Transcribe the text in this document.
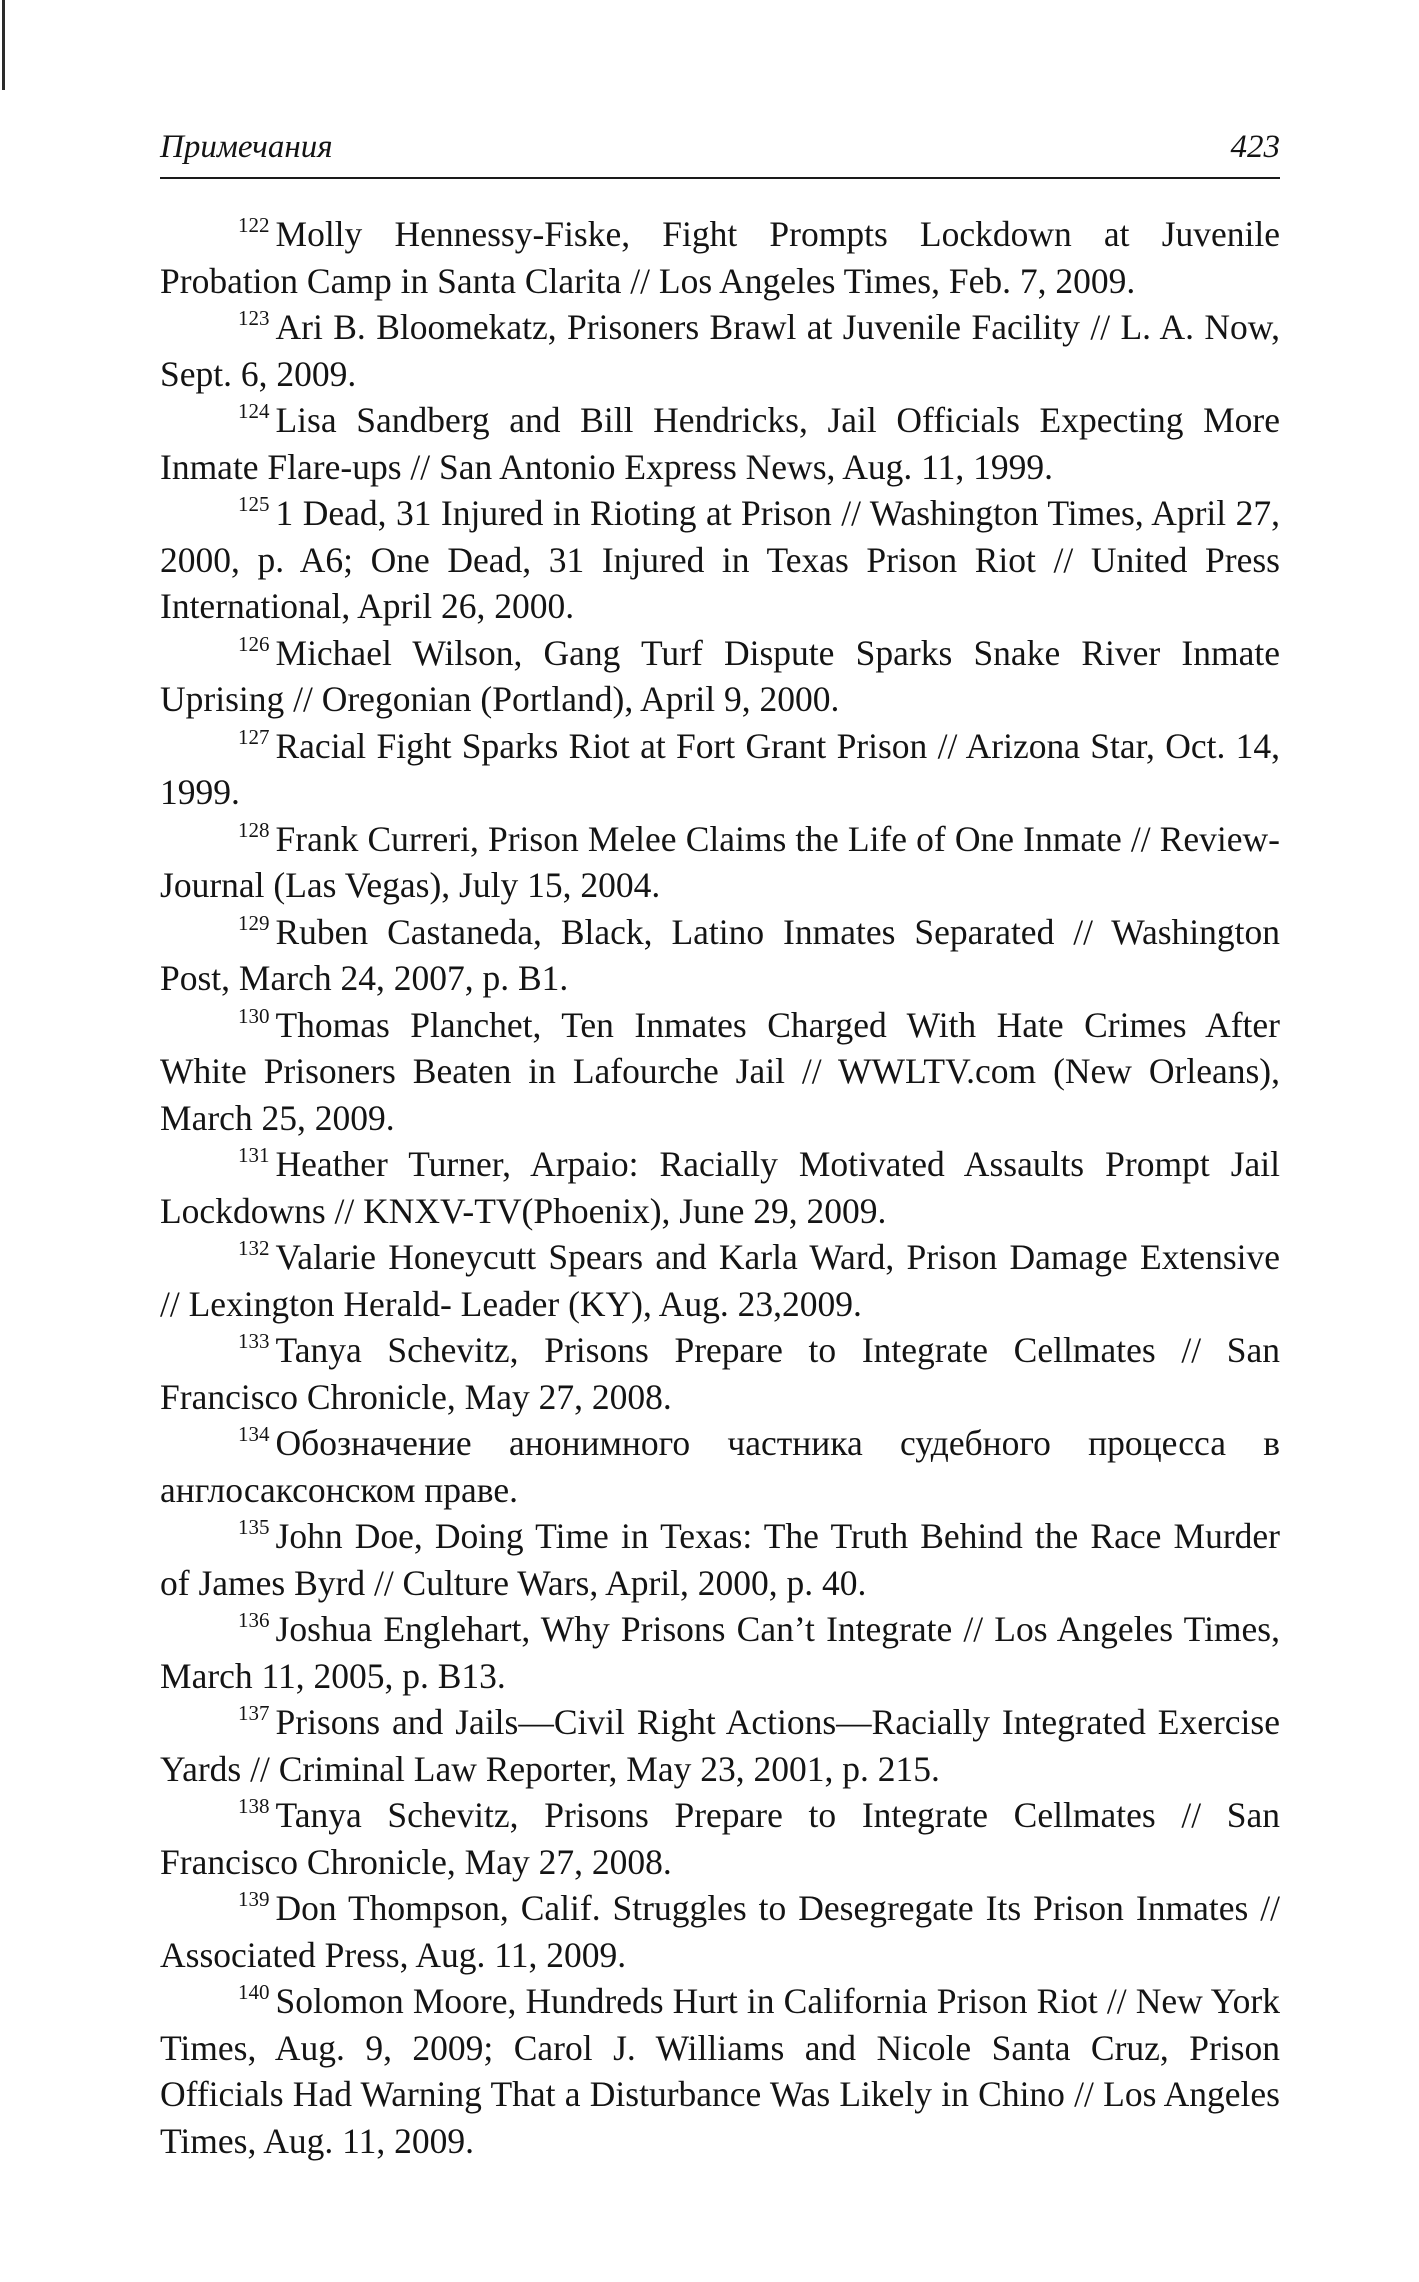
Примечания	423

$^{122}$ Molly Hennessy-Fiske, Fight Prompts Lockdown at Juvenile Probation Camp in Santa Clarita // Los Angeles Times, Feb. 7, 2009.

$^{123}$ Ari B. Bloomekatz, Prisoners Brawl at Juvenile Facility // L. A. Now, Sept. 6, 2009.

$^{124}$ Lisa Sandberg and Bill Hendricks, Jail Officials Expecting More Inmate Flare-ups // San Antonio Express News, Aug. 11, 1999.

$^{125}$ 1 Dead, 31 Injured in Rioting at Prison // Washington Times, April 27, 2000, p. A6; One Dead, 31 Injured in Texas Prison Riot // United Press International, April 26, 2000.

$^{126}$ Michael Wilson, Gang Turf Dispute Sparks Snake River Inmate Uprising // Oregonian (Portland), April 9, 2000.

$^{127}$ Racial Fight Sparks Riot at Fort Grant Prison // Arizona Star, Oct. 14, 1999.

$^{128}$ Frank Curreri, Prison Melee Claims the Life of One Inmate // Review-Journal (Las Vegas), July 15, 2004.

$^{129}$ Ruben Castaneda, Black, Latino Inmates Separated // Washington Post, March 24, 2007, p. B1.

$^{130}$ Thomas Planchet, Ten Inmates Charged With Hate Crimes After White Prisoners Beaten in Lafourche Jail // WWLTV.com (New Orleans), March 25, 2009.

$^{131}$ Heather Turner, Arpaio: Racially Motivated Assaults Prompt Jail Lockdowns // KNXV-TV(Phoenix), June 29, 2009.

$^{132}$ Valarie Honeycutt Spears and Karla Ward, Prison Damage Extensive // Lexington Herald- Leader (KY), Aug. 23,2009.

$^{133}$ Tanya Schevitz, Prisons Prepare to Integrate Cellmates // San Francisco Chronicle, May 27, 2008.

$^{134}$ Обозначение анонимного частника судебного процесса в англосаксонском праве.

$^{135}$ John Doe, Doing Time in Texas: The Truth Behind the Race Murder of James Byrd // Culture Wars, April, 2000, p. 40.

$^{136}$ Joshua Englehart, Why Prisons Can’t Integrate // Los Angeles Times, March 11, 2005, p. B13.

$^{137}$ Prisons and Jails—Civil Right Actions—Racially Integrated Exercise Yards // Criminal Law Reporter, May 23, 2001, p. 215.

$^{138}$ Tanya Schevitz, Prisons Prepare to Integrate Cellmates // San Francisco Chronicle, May 27, 2008.

$^{139}$ Don Thompson, Calif. Struggles to Desegregate Its Prison Inmates // Associated Press, Aug. 11, 2009.

$^{140}$ Solomon Moore, Hundreds Hurt in California Prison Riot // New York Times, Aug. 9, 2009; Carol J. Williams and Nicole Santa Cruz, Prison Officials Had Warning That a Disturbance Was Likely in Chino // Los Angeles Times, Aug. 11, 2009.
